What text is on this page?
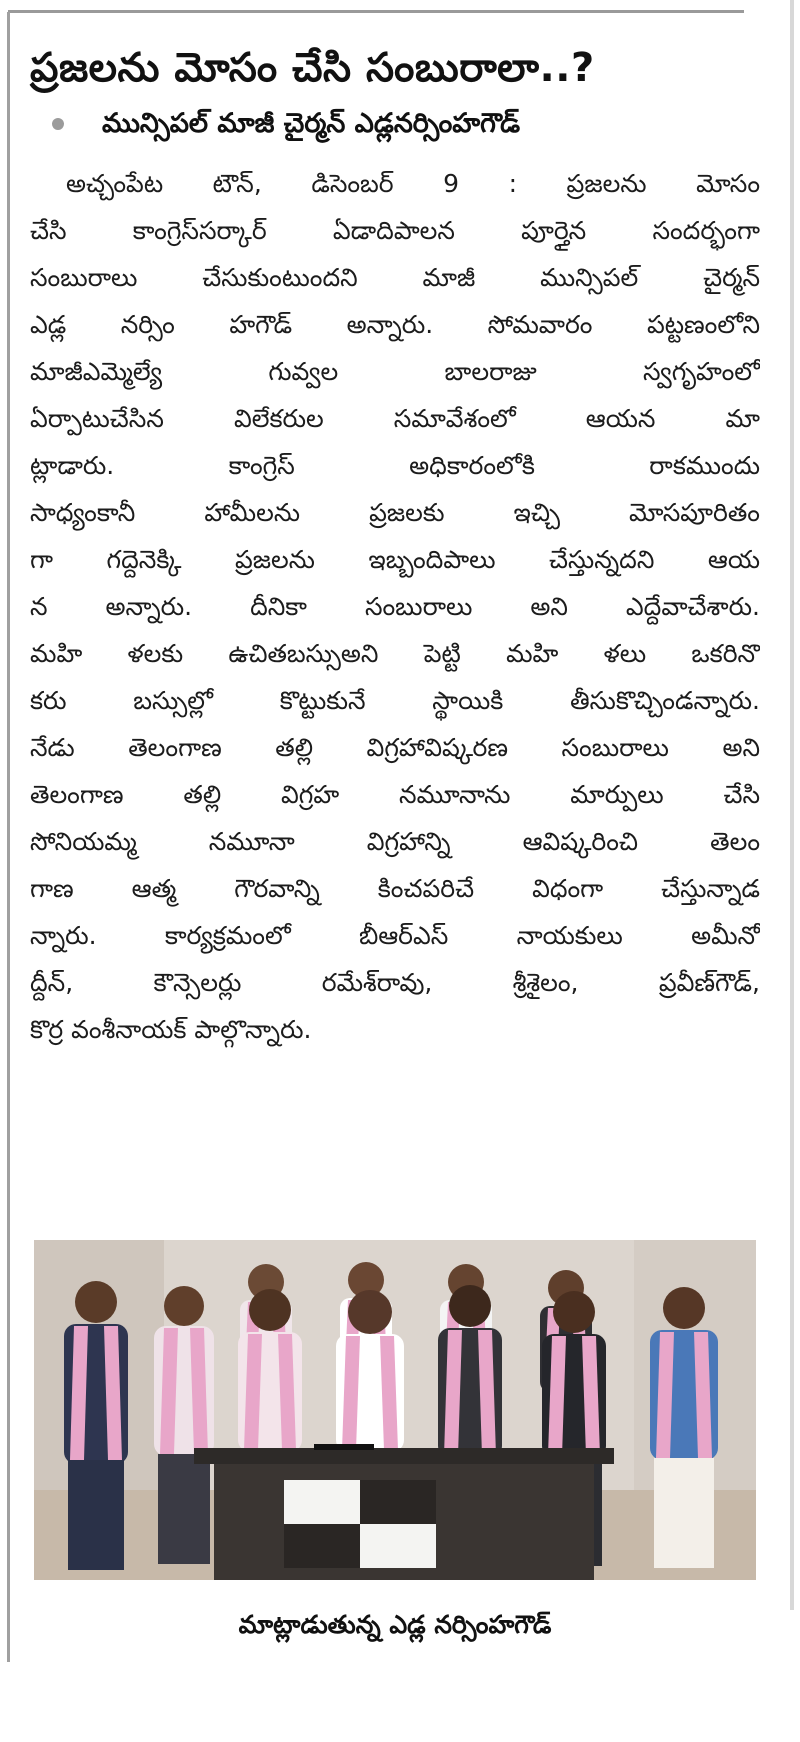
ప్రజలను మోసం చేసి సంబురాలా..?
మున్సిపల్‌ మాజీ చైర్మన్‌ ఎడ్లనర్సింహగౌడ్‌
అచ్చంపేట టౌన్‌, డిసెంబర్‌ 9 : ప్రజలను మోసం
చేసి కాంగ్రెస్‌సర్కార్‌ ఏడాదిపాలన పూర్తైన సందర్భంగా
సంబురాలు చేసుకుంటుందని మాజీ మున్సిపల్‌ చైర్మన్‌
ఎడ్ల నర్సిం హగౌడ్‌ అన్నారు. సోమవారం పట్టణంలోని
మాజీఎమ్మెల్యే గువ్వల బాలరాజు స్వగృహంలో
ఏర్పాటుచేసిన విలేకరుల సమావేశంలో ఆయన మా
ట్లాడారు. కాంగ్రెస్‌ అధికారంలోకి రాకముందు
సాధ్యంకానీ హామీలను ప్రజలకు ఇచ్చి మోసపూరితం
గా గద్దెనెక్కి ప్రజలను ఇబ్బందిపాలు చేస్తున్నదని ఆయ
న అన్నారు. దీనికా సంబురాలు అని ఎద్దేవాచేశారు.
మహి ళలకు ఉచితబస్సుఅని పెట్టి మహి ళలు ఒకరినొ
కరు బస్సుల్లో కొట్టుకునే స్థాయికి తీసుకొచ్చిండన్నారు.
నేడు తెలంగాణ తల్లి విగ్రహావిష్కరణ సంబురాలు అని
తెలంగాణ తల్లి విగ్రహ నమూనాను మార్పులు చేసి
సోనియమ్మ నమూనా విగ్రహాన్ని ఆవిష్కరించి తెలం
గాణ ఆత్మ గౌరవాన్ని కించపరిచే విధంగా చేస్తున్నాడ
న్నారు. కార్యక్రమంలో బీఆర్‌ఎస్‌ నాయకులు అమీనో
ద్దీన్‌, కౌన్సెలర్లు రమేశ్‌రావు, శ్రీశైలం, ప్రవీణ్‌గౌడ్‌,
కొర్ర వంశీనాయక్‌ పాల్గొన్నారు.
మాట్లాడుతున్న ఎడ్ల నర్సింహగౌడ్‌
